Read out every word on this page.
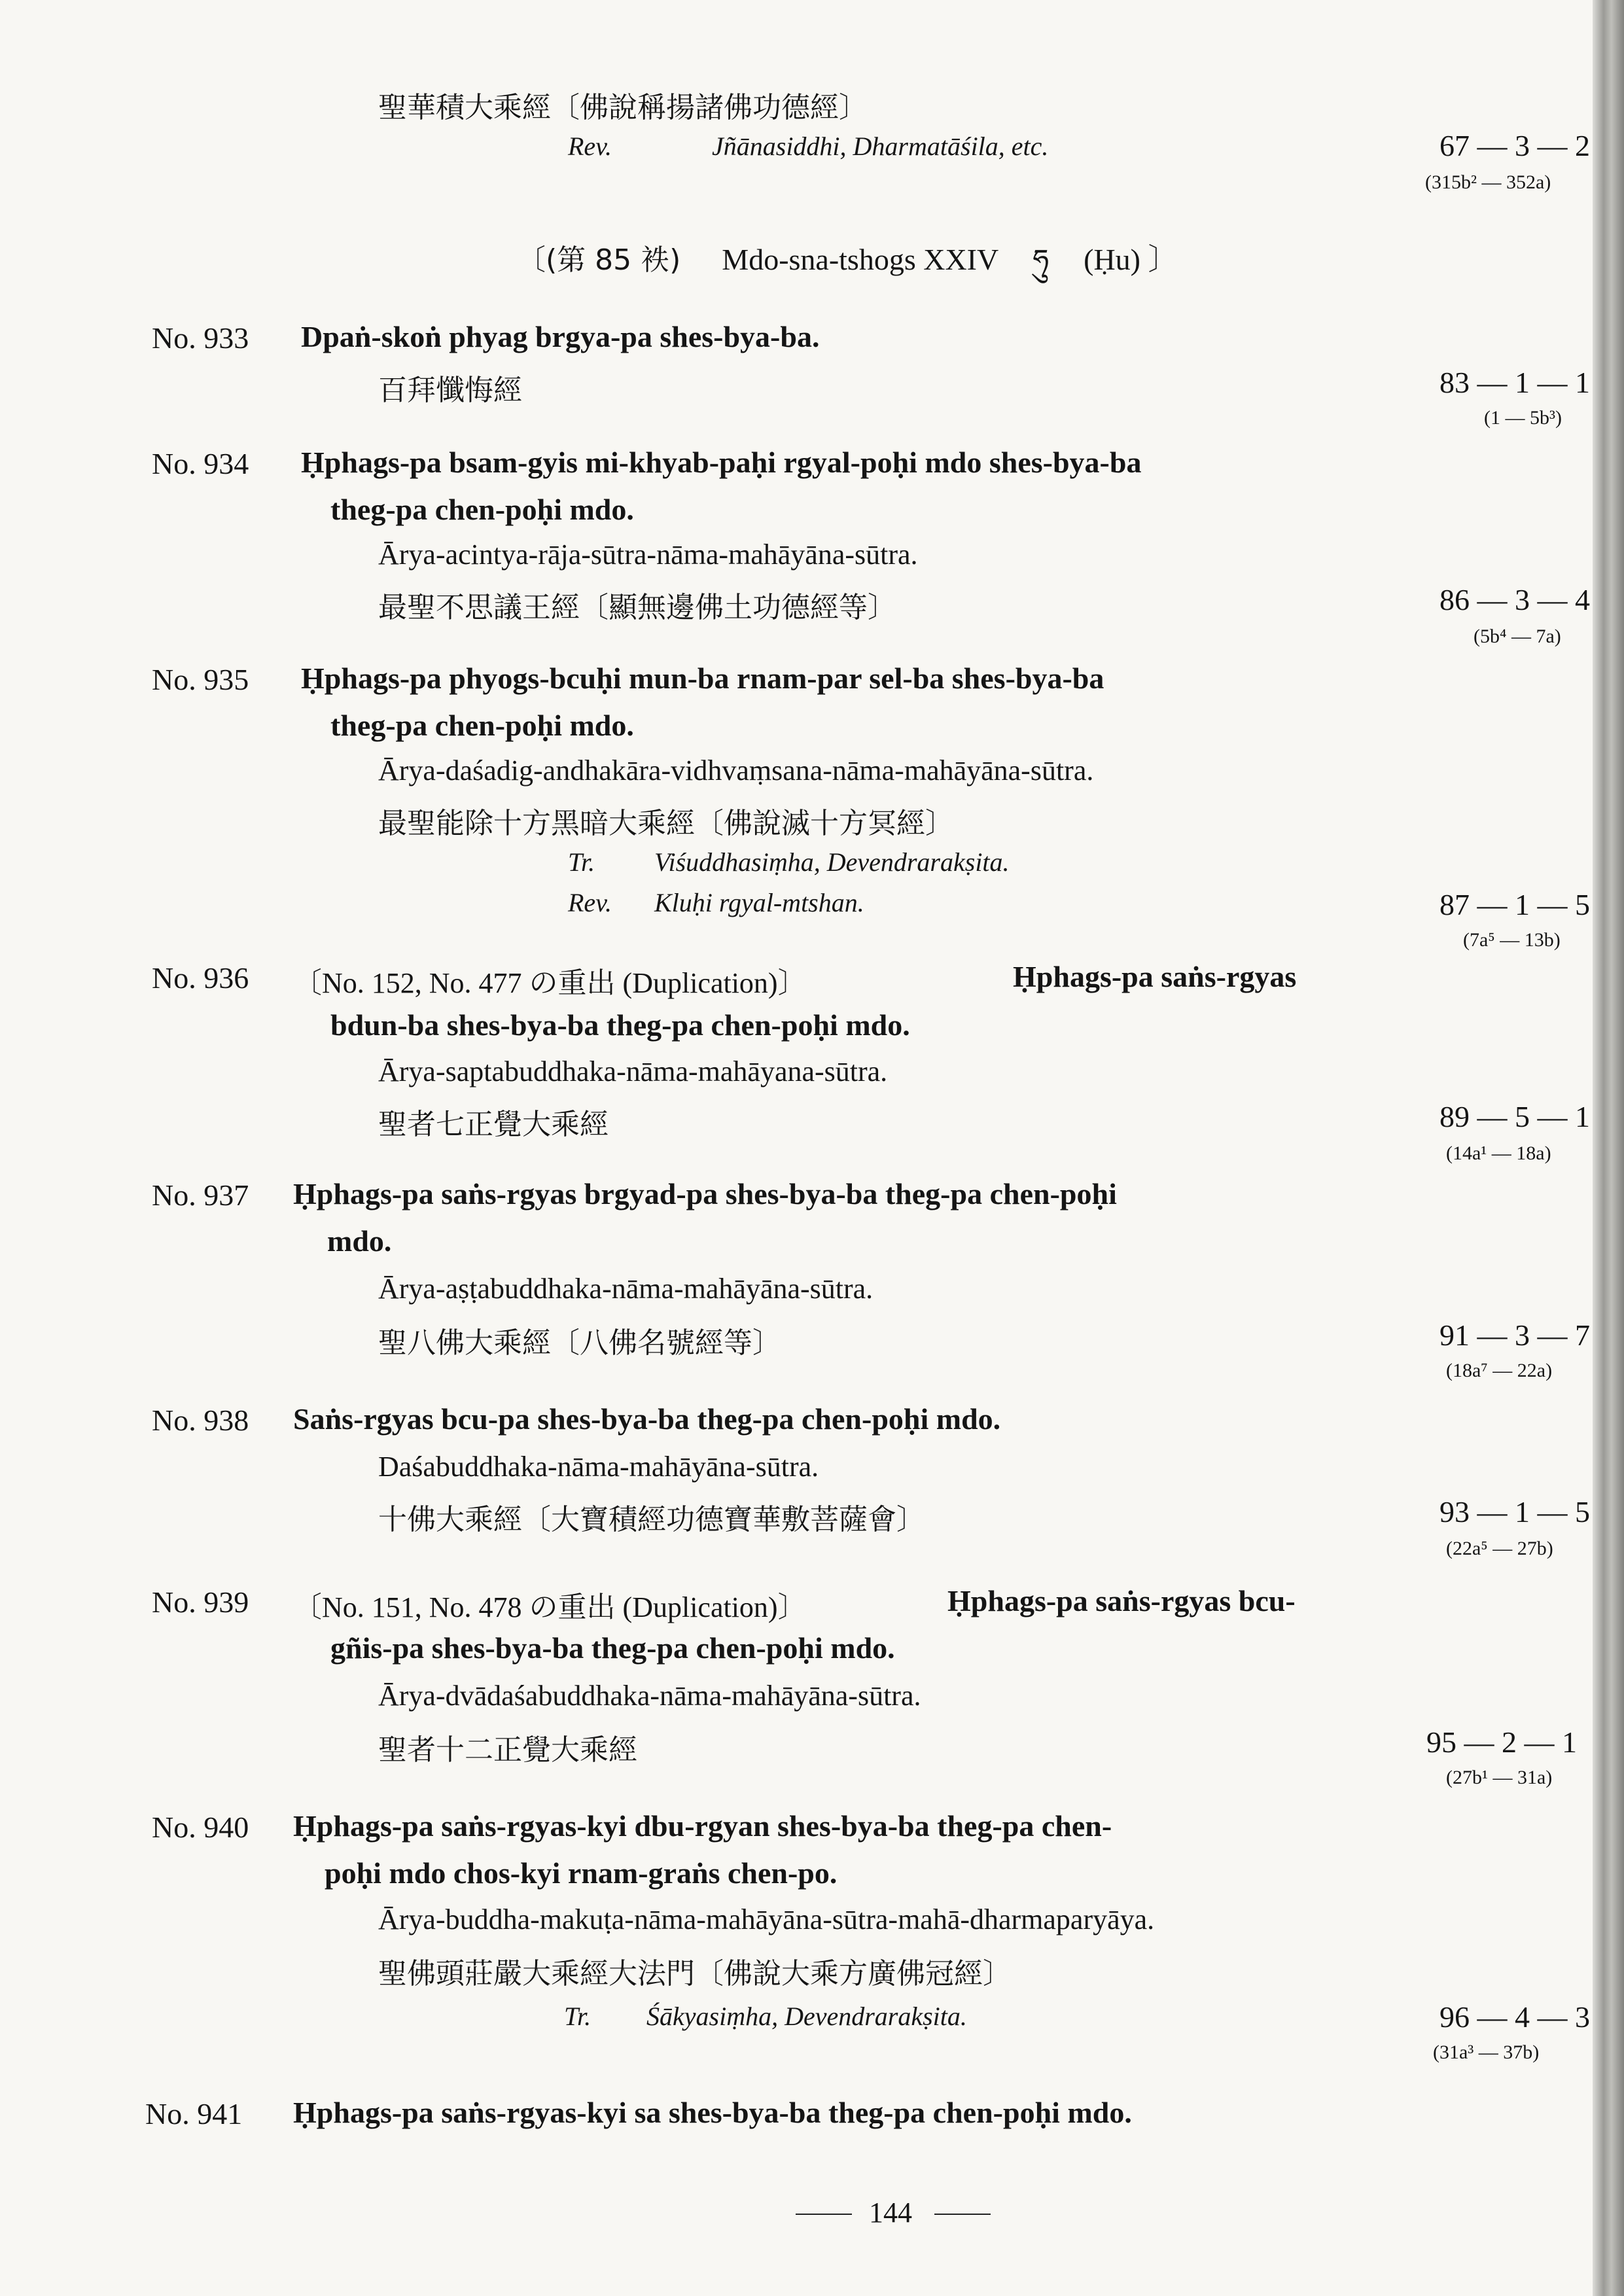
聖華積大乘經〔佛說稱揚諸佛功德經〕
Rev.	Jñānasiddhi, Dharmatāśila, etc.	67 — 3 — 2
(315b² — 352a)
〔(第 85 袟) Mdo-sna-tshogs XXIV ཧུ (Ḥu) 〕
No. 933 Dpaṅ-skoṅ phyag brgya-pa shes-bya-ba.
百拜懺悔經	83 — 1 — 1
(1 — 5b³)
No. 934 Ḥphags-pa bsam-gyis mi-khyab-paḥi rgyal-poḥi mdo shes-bya-ba
theg-pa chen-poḥi mdo.
Ārya-acintya-rāja-sūtra-nāma-mahāyāna-sūtra.
最聖不思議王經〔顯無邊佛土功德經等〕	86 — 3 — 4
(5b⁴ — 7a)
No. 935 Ḥphags-pa phyogs-bcuḥi mun-ba rnam-par sel-ba shes-bya-ba
theg-pa chen-poḥi mdo.
Ārya-daśadig-andhakāra-vidhvaṃsana-nāma-mahāyāna-sūtra.
最聖能除十方黑暗大乘經〔佛說滅十方冥經〕
Tr. Viśuddhasiṃha, Devendrarakṣita.
Rev. Kluḥi rgyal-mtshan.	87 — 1 — 5
(7a⁵ — 13b)
No. 936 〔No. 152, No. 477 の重出 (Duplication)〕	Ḥphags-pa saṅs-rgyas
bdun-ba shes-bya-ba theg-pa chen-poḥi mdo.
Ārya-saptabuddhaka-nāma-mahāyana-sūtra.
聖者七正覺大乘經	89 — 5 — 1
(14a¹ — 18a)
No. 937 Ḥphags-pa saṅs-rgyas brgyad-pa shes-bya-ba theg-pa chen-poḥi
mdo.
Ārya-aṣṭabuddhaka-nāma-mahāyāna-sūtra.
聖八佛大乘經〔八佛名號經等〕	91 — 3 — 7
(18a⁷ — 22a)
No. 938 Saṅs-rgyas bcu-pa shes-bya-ba theg-pa chen-poḥi mdo.
Daśabuddhaka-nāma-mahāyāna-sūtra.
十佛大乘經〔大寶積經功德寶華敷菩薩會〕	93 — 1 — 5
(22a⁵ — 27b)
No. 939 〔No. 151, No. 478 の重出 (Duplication)〕	Ḥphags-pa saṅs-rgyas bcu-
gñis-pa shes-bya-ba theg-pa chen-poḥi mdo.
Ārya-dvādaśabuddhaka-nāma-mahāyāna-sūtra.
聖者十二正覺大乘經	95 — 2 — 1
(27b¹ — 31a)
No. 940 Ḥphags-pa saṅs-rgyas-kyi dbu-rgyan shes-bya-ba theg-pa chen-
poḥi mdo chos-kyi rnam-graṅs chen-po.
Ārya-buddha-makuṭa-nāma-mahāyāna-sūtra-mahā-dharmaparyāya.
聖佛頭莊嚴大乘經大法門〔佛說大乘方廣佛冠經〕
Tr. Śākyasiṃha, Devendrarakṣita.	96 — 4 — 3
(31a³ — 37b)
No. 941 Ḥphags-pa saṅs-rgyas-kyi sa shes-bya-ba theg-pa chen-poḥi mdo.
144
